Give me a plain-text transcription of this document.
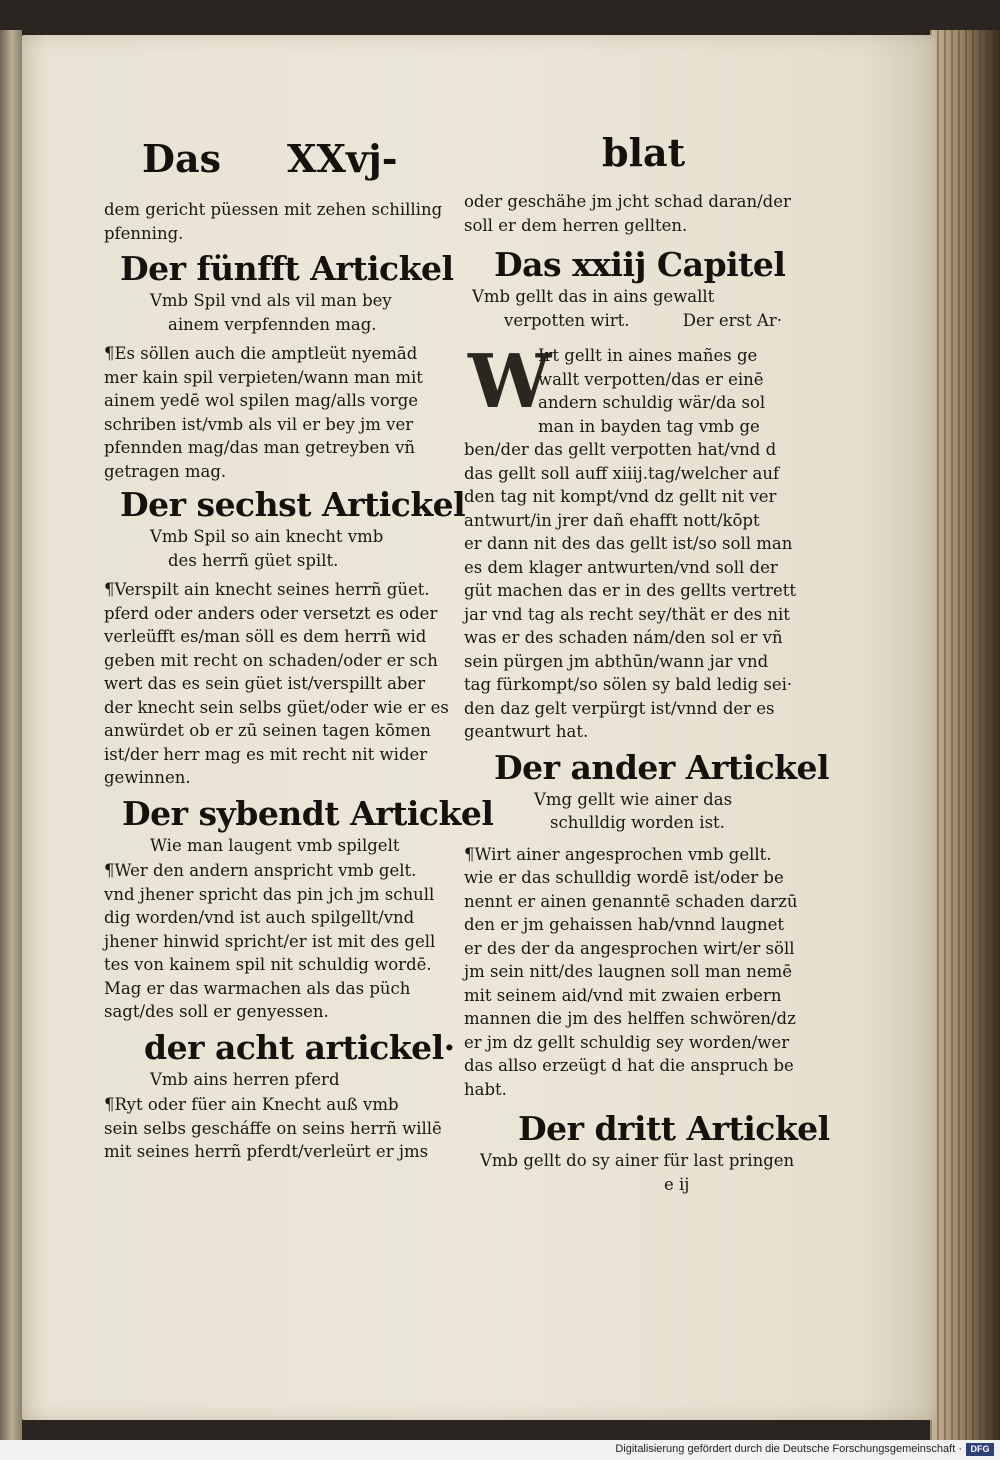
Das XXvj-	blat
dem gericht püessen mit zehen schilling
pfenning.
Der fünfft Artickel
Vmb Spil vnd als vil man bey
ainem verpfennden mag.
¶Es söllen auch die amptleüt nyemād
mer kain spil verpieten/wann man mit
ainem yedē wol spilen mag/alls vorge
schriben ist/vmb als vil er bey jm ver
pfennden mag/das man getreyben vñ
getragen mag.
Der sechst Artickel
Vmb Spil so ain knecht vmb
des herrñ güet spilt.
¶Verspilt ain knecht seines herrñ güet.
pferd oder anders oder versetzt es oder
verleüfft es/man söll es dem herrñ wid
geben mit recht on schaden/oder er sch
wert das es sein güet ist/verspillt aber
der knecht sein selbs güet/oder wie er es
anwürdet ob er zū seinen tagen kōmen
ist/der herr mag es mit recht nit wider
gewinnen.
Der sybendt Artickel
Wie man laugent vmb spilgelt
¶Wer den andern anspricht vmb gelt.
vnd jhener spricht das pin jch jm schull
dig worden/vnd ist auch spilgellt/vnd
jhener hinwid spricht/er ist mit des gell
tes von kainem spil nit schuldig wordē.
Mag er das warmachen als das püch
sagt/des soll er genyessen.
der acht artickel·
Vmb ains herren pferd
¶Ryt oder füer ain Knecht auß vmb
sein selbs gescháffe on seins herrñ willē
mit seines herrñ pferdt/verleürt er jms
oder geschähe jm jcht schad daran/der
soll er dem herren gellten.
Das xxiij Capitel
Vmb gellt das in ains gewallt
verpotten wirt.	Der erst Ar·
W
Irt gellt in aines mañes ge
wallt verpotten/das er einē
andern schuldig wär/da sol
man in bayden tag vmb ge
ben/der das gellt verpotten hat/vnd d
das gellt soll auff xiiij.tag/welcher auf
den tag nit kompt/vnd dz gellt nit ver
antwurt/in jrer dañ ehafft nott/kōpt
er dann nit des das gellt ist/so soll man
es dem klager antwurten/vnd soll der
güt machen das er in des gellts vertrett
jar vnd tag als recht sey/thät er des nit
was er des schaden nám/den sol er vñ
sein pürgen jm abthūn/wann jar vnd
tag fürkompt/so sölen sy bald ledig sei·
den daz gelt verpürgt ist/vnnd der es
geantwurt hat.
Der ander Artickel
Vmg gellt wie ainer das
schulldig worden ist.
¶Wirt ainer angesprochen vmb gellt.
wie er das schulldig wordē ist/oder be
nennt er ainen genanntē schaden darzū
den er jm gehaissen hab/vnnd laugnet
er des der da angesprochen wirt/er söll
jm sein nitt/des laugnen soll man nemē
mit seinem aid/vnd mit zwaien erbern
mannen die jm des helffen schwören/dz
er jm dz gellt schuldig sey worden/wer
das allso erzeügt d hat die anspruch be
habt.
Der dritt Artickel
Vmb gellt do sy ainer für last pringen
e ij
Digitalisierung gefördert durch die Deutsche Forschungsgemeinschaft · DFG
